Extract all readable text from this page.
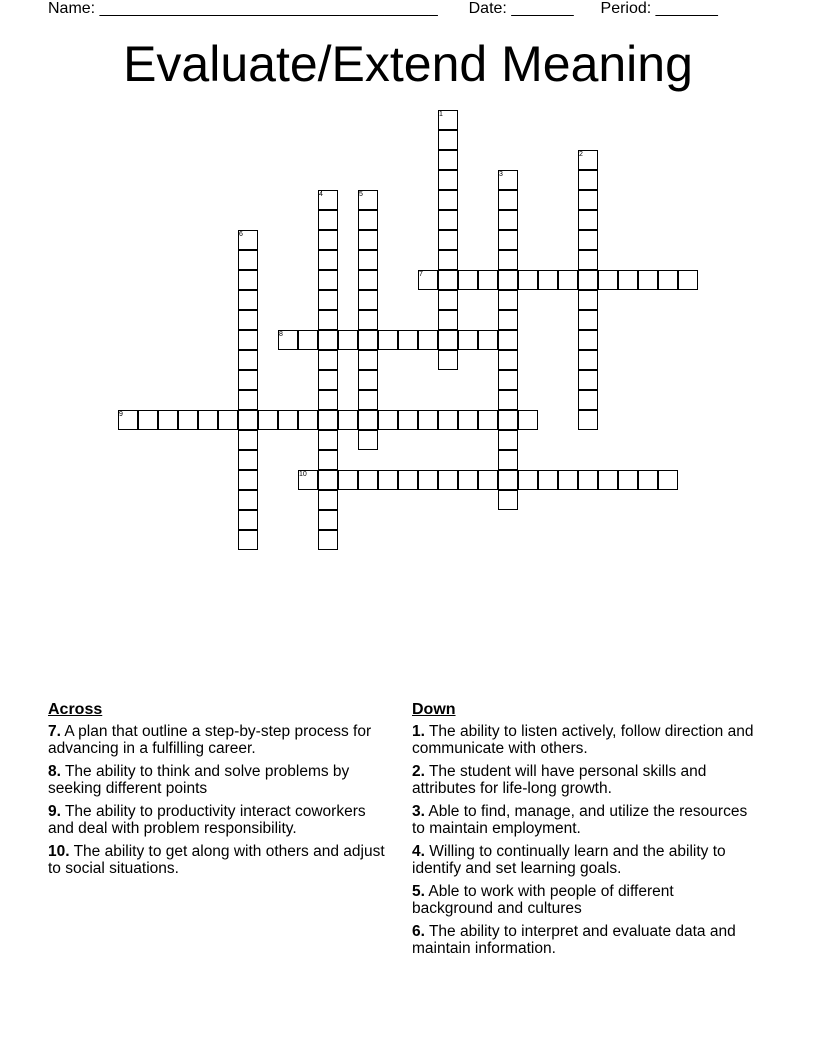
Name: ______________________________________ Date: _______ Period: _______
Evaluate/Extend Meaning
1
2
3
4	5
6
7
8
9
10
Across
7. A plan that outline a step-by-step process for advancing in a fulfilling career.
8. The ability to think and solve problems by seeking different points
9. The ability to productivity interact coworkers and deal with problem responsibility.
10. The ability to get along with others and adjust to social situations.
Down
1. The ability to listen actively, follow direction and communicate with others.
2. The student will have personal skills and attributes for life-long growth.
3. Able to find, manage, and utilize the resources to maintain employment.
4. Willing to continually learn and the ability to identify and set learning goals.
5. Able to work with people of different background and cultures
6. The ability to interpret and evaluate data and maintain information.
